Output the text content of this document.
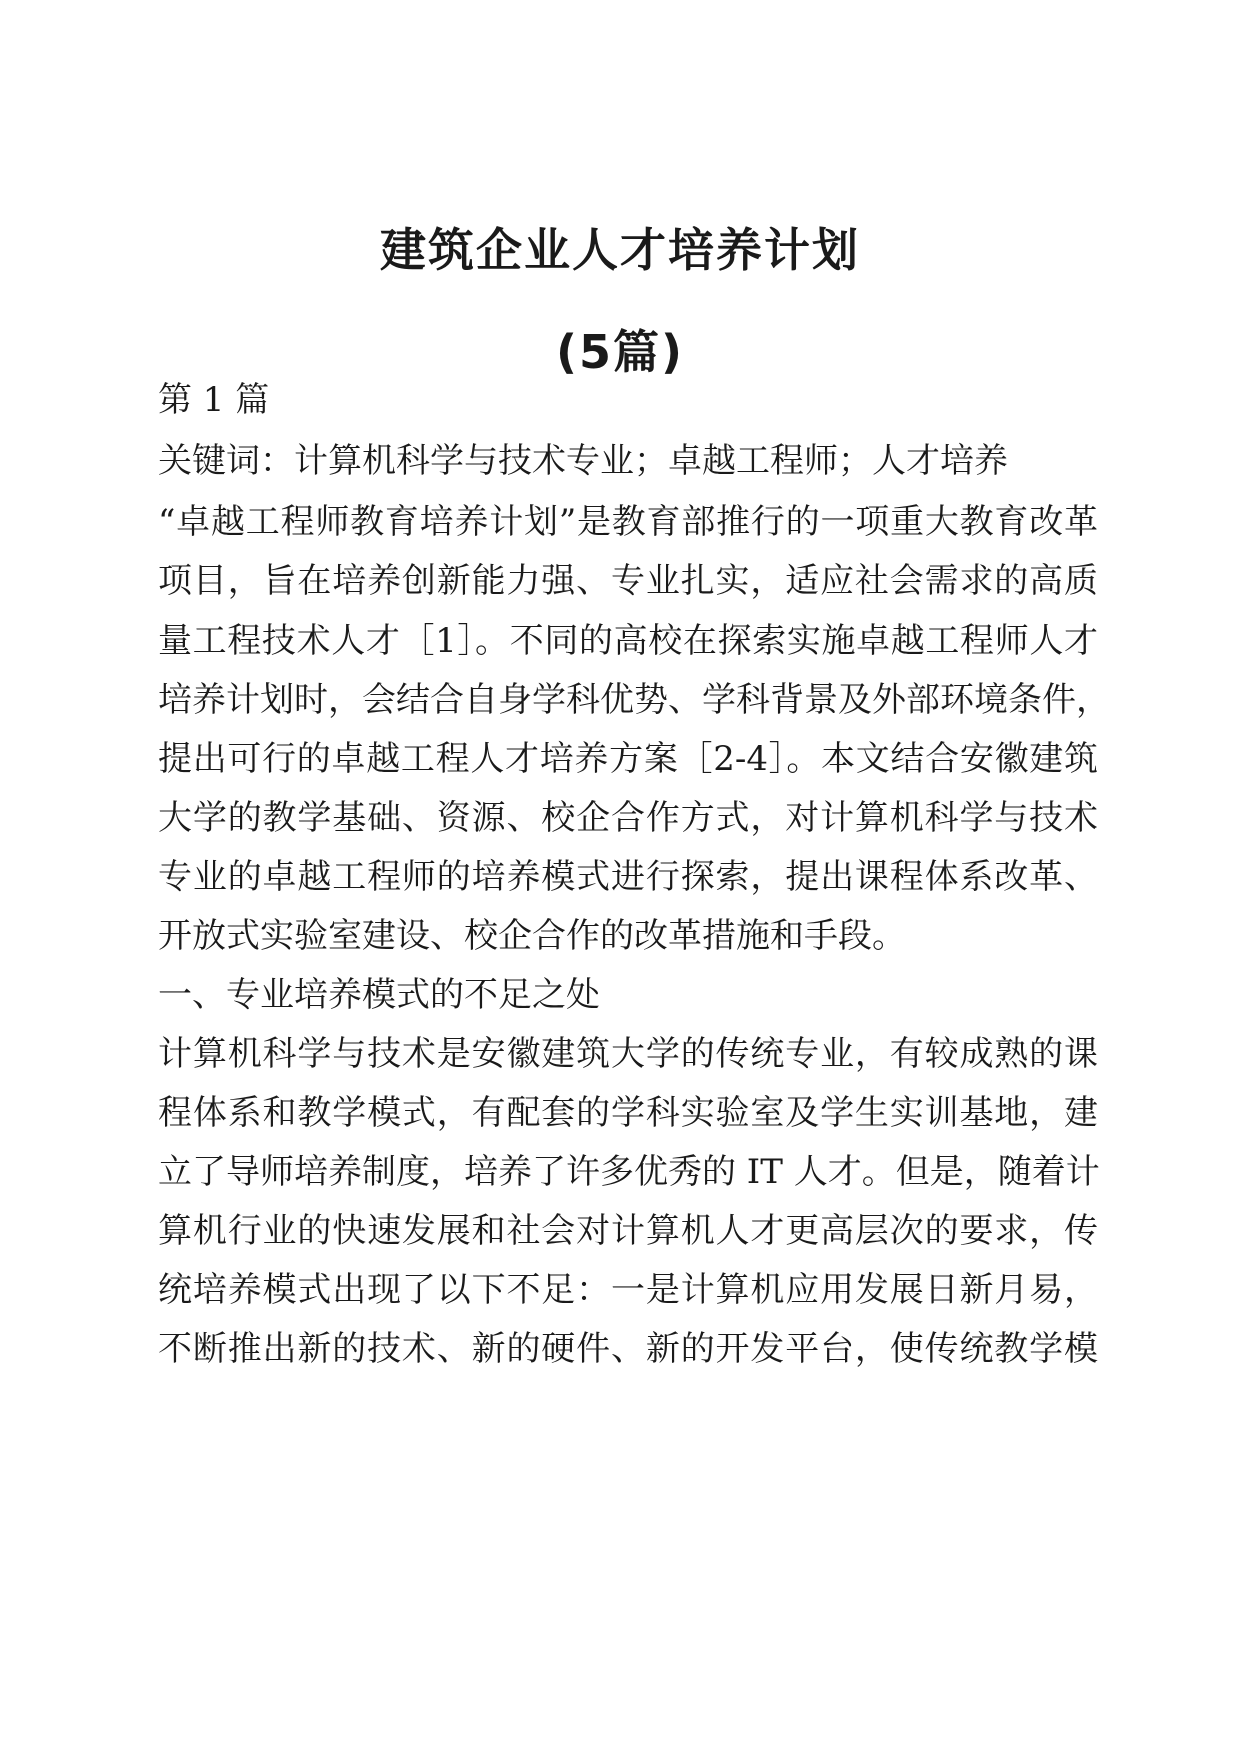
建筑企业人才培养计划
(5篇)
第 1 篇
关键词：计算机科学与技术专业；卓越工程师；人才培养
“卓越工程师教育培养计划”是教育部推行的一项重大教育改革
项目，旨在培养创新能力强、专业扎实，适应社会需求的高质
量工程技术人才［1］。不同的高校在探索实施卓越工程师人才
培养计划时，会结合自身学科优势、学科背景及外部环境条件，
提出可行的卓越工程人才培养方案［2-4］。本文结合安徽建筑
大学的教学基础、资源、校企合作方式，对计算机科学与技术
专业的卓越工程师的培养模式进行探索，提出课程体系改革、
开放式实验室建设、校企合作的改革措施和手段。
一、专业培养模式的不足之处
计算机科学与技术是安徽建筑大学的传统专业，有较成熟的课
程体系和教学模式，有配套的学科实验室及学生实训基地，建
立了导师培养制度，培养了许多优秀的 IT 人才。但是，随着计
算机行业的快速发展和社会对计算机人才更高层次的要求，传
统培养模式出现了以下不足：一是计算机应用发展日新月易，
不断推出新的技术、新的硬件、新的开发平台，使传统教学模
